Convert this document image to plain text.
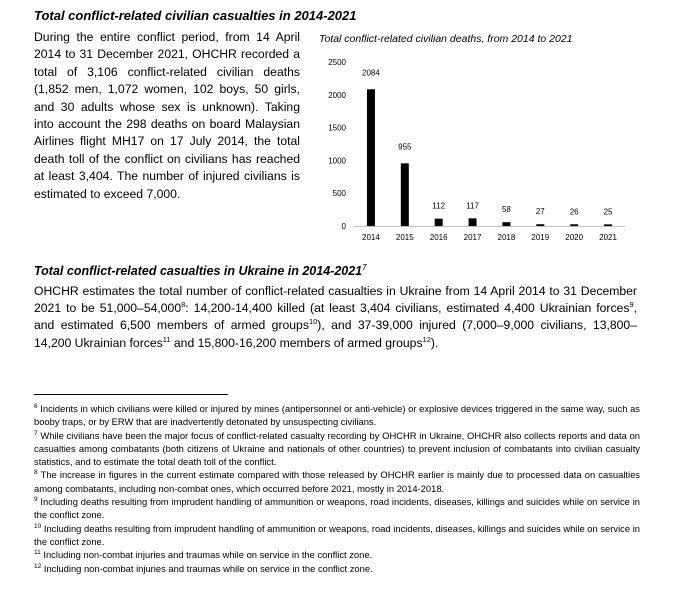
Total conflict-related civilian casualties in 2014-2021

During the entire conflict period, from 14 April 2014 to 31 December 2021, OHCHR recorded a total of 3,106 conflict-related civilian deaths (1,852 men, 1,072 women, 102 boys, 50 girls, and 30 adults whose sex is unknown). Taking into account the 298 deaths on board Malaysian Airlines flight MH17 on 17 July 2014, the total death toll of the conflict on civilians has reached at least 3,404. The number of injured civilians is estimated to exceed 7,000.

Total conflict-related civilian deaths, from 2014 to 2021
0
500
1000
1500
2000
2500
2084
2014
955
2015
112
2016
117
2017
58
2018
27
2019
26
2020
25
2021
Total conflict-related casualties in Ukraine in 2014-2021$^7$

OHCHR estimates the total number of conflict-related casualties in Ukraine from 14 April 2014 to 31 December 2021 to be 51,000–54,000$^8$: 14,200-14,400 killed (at least 3,404 civilians, estimated 4,400 Ukrainian forces$^9$, and estimated 6,500 members of armed groups$^{10}$), and 37-39,000 injured (7,000–9,000 civilians, 13,800–14,200 Ukrainian forces$^{11}$ and 15,800-16,200 members of armed groups$^{12}$).

$^6$ Incidents in which civilians were killed or injured by mines (antipersonnel or anti-vehicle) or explosive devices triggered in the same way, such as booby traps, or by ERW that are inadvertently detonated by unsuspecting civilians.

$^7$ While civilians have been the major focus of conflict-related casualty recording by OHCHR in Ukraine, OHCHR also collects reports and data on casualties among combatants (both citizens of Ukraine and nationals of other countries) to prevent inclusion of combatants into civilian casualty statistics, and to estimate the total death toll of the conflict.

$^8$ The increase in figures in the current estimate compared with those released by OHCHR earlier is mainly due to processed data on casualties among combatants, including non-combat ones, which occurred before 2021, mostly in 2014-2018.

$^9$ Including deaths resulting from imprudent handling of ammunition or weapons, road incidents, diseases, killings and suicides while on service in the conflict zone.

$^{10}$ Including deaths resulting from imprudent handling of ammunition or weapons, road incidents, diseases, killings and suicides while on service in the conflict zone.

$^{11}$ Including non-combat injuries and traumas while on service in the conflict zone.

$^{12}$ Including non-combat injuries and traumas while on service in the conflict zone.
